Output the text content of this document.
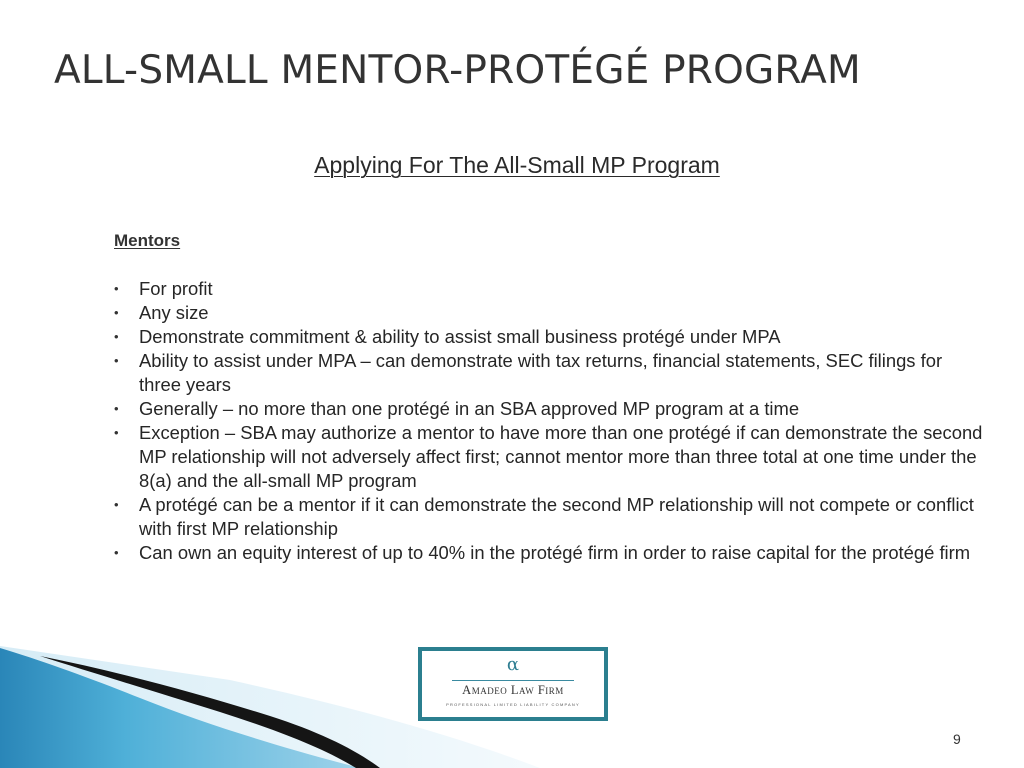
ALL-SMALL MENTOR-PROTÉGÉ PROGRAM
Applying For The All-Small MP Program
Mentors
• For profit
• Any size
• Demonstrate commitment & ability to assist small business protégé under MPA
• Ability to assist under MPA – can demonstrate with tax returns, financial statements, SEC filings for three years
• Generally – no more than one protégé in an SBA approved MP program at a time
• Exception – SBA may authorize a mentor to have more than one protégé if can demonstrate the second MP relationship will not adversely affect first; cannot mentor more than three total at one time under the 8(a) and the all-small MP program
• A protégé can be a mentor if it can demonstrate the second MP relationship will not compete or conflict with first MP relationship
• Can own an equity interest of up to 40% in the protégé firm in order to raise capital for the protégé firm
α
Amadeo Law Firm
PROFESSIONAL LIMITED LIABILITY COMPANY
9
